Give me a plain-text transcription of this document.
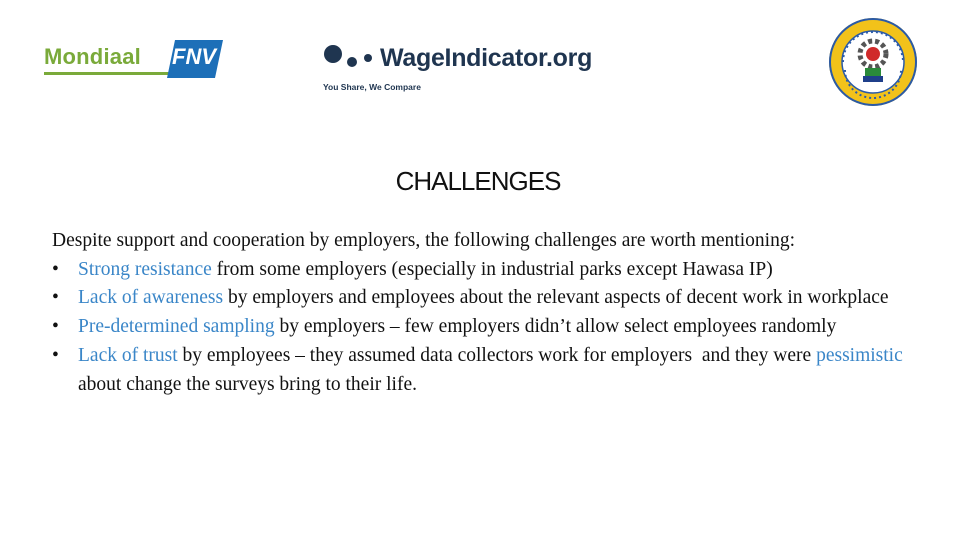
Mondiaal FNV	WageIndicator.org
You Share, We Compare
CHALLENGES

Despite support and cooperation by employers, the following challenges are worth mentioning:

• Strong resistance from some employers (especially in industrial parks except Hawasa IP)
• Lack of awareness by employers and employees about the relevant aspects of decent work in workplace
• Pre-determined sampling by employers – few employers didn’t allow select employees randomly
• Lack of trust by employees – they assumed data collectors work for employers  and they were pessimistic about change the surveys bring to their life.
